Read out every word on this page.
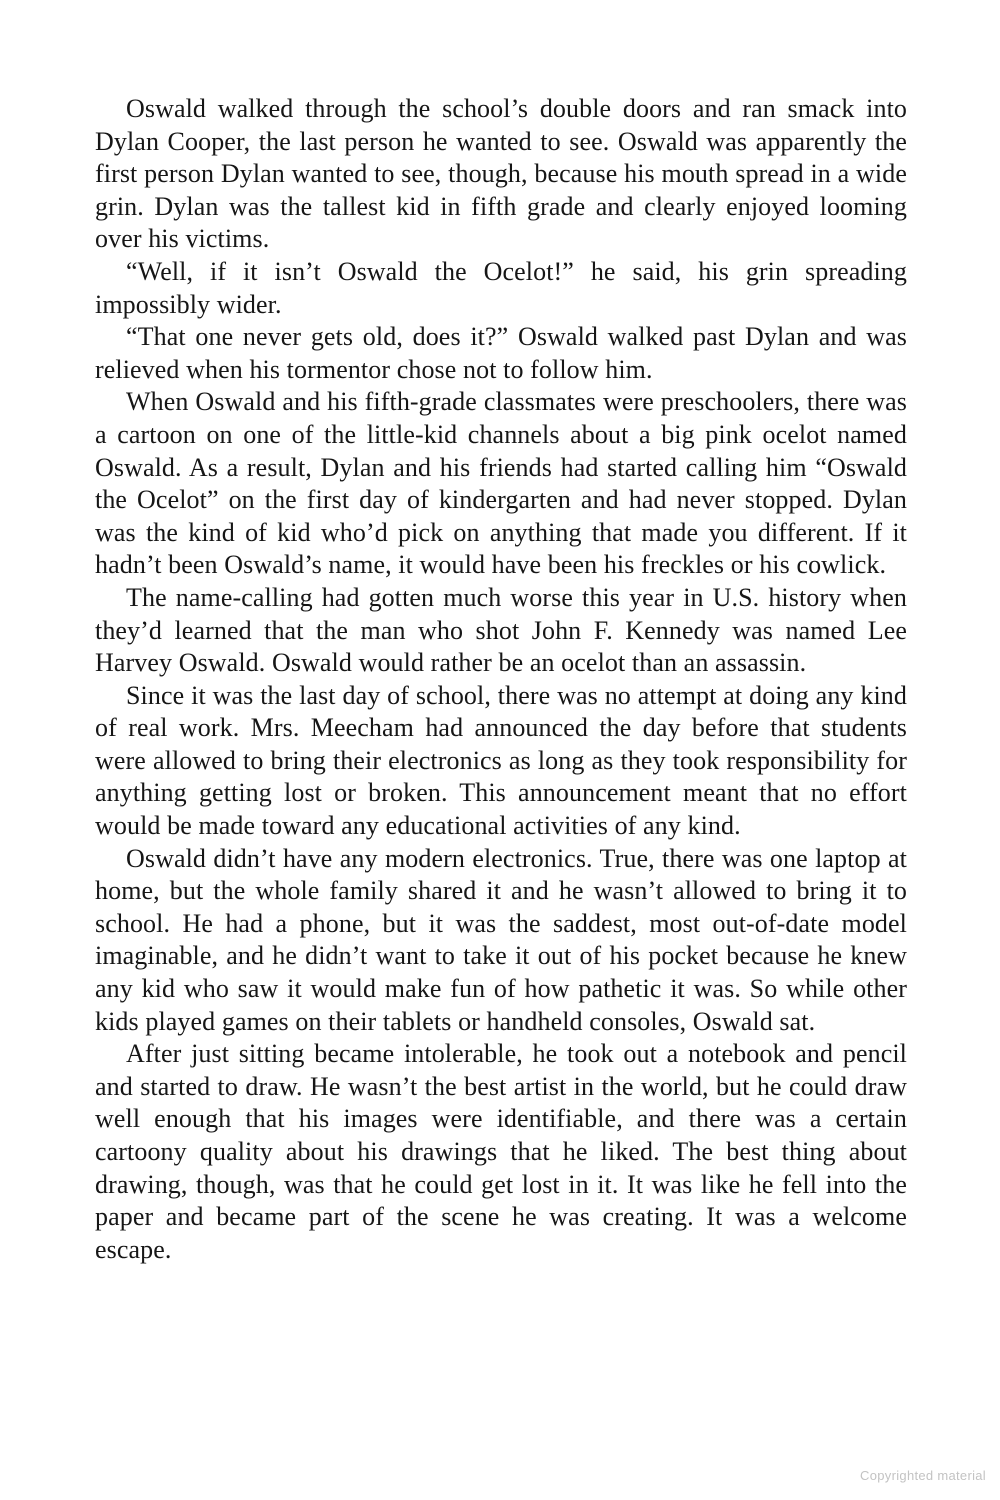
Oswald walked through the school’s double doors and ran smack into Dylan Cooper, the last person he wanted to see. Oswald was apparently the first person Dylan wanted to see, though, because his mouth spread in a wide grin. Dylan was the tallest kid in fifth grade and clearly enjoyed looming over his victims.

“Well, if it isn’t Oswald the Ocelot!” he said, his grin spreading impossibly wider.

“That one never gets old, does it?” Oswald walked past Dylan and was relieved when his tormentor chose not to follow him.

When Oswald and his fifth-grade classmates were preschoolers, there was a cartoon on one of the little-kid channels about a big pink ocelot named Oswald. As a result, Dylan and his friends had started calling him “Oswald the Ocelot” on the first day of kindergarten and had never stopped. Dylan was the kind of kid who’d pick on anything that made you different. If it hadn’t been Oswald’s name, it would have been his freckles or his cowlick.

The name-calling had gotten much worse this year in U.S. history when they’d learned that the man who shot John F. Kennedy was named Lee Harvey Oswald. Oswald would rather be an ocelot than an assassin.

Since it was the last day of school, there was no attempt at doing any kind of real work. Mrs. Meecham had announced the day before that students were allowed to bring their electronics as long as they took responsibility for anything getting lost or broken. This announcement meant that no effort would be made toward any educational activities of any kind.

Oswald didn’t have any modern electronics. True, there was one laptop at home, but the whole family shared it and he wasn’t allowed to bring it to school. He had a phone, but it was the saddest, most out-of-date model imaginable, and he didn’t want to take it out of his pocket because he knew any kid who saw it would make fun of how pathetic it was. So while other kids played games on their tablets or handheld consoles, Oswald sat.

After just sitting became intolerable, he took out a notebook and pencil and started to draw. He wasn’t the best artist in the world, but he could draw well enough that his images were identifiable, and there was a certain cartoony quality about his drawings that he liked. The best thing about drawing, though, was that he could get lost in it. It was like he fell into the paper and became part of the scene he was creating. It was a welcome escape.

Copyrighted material
